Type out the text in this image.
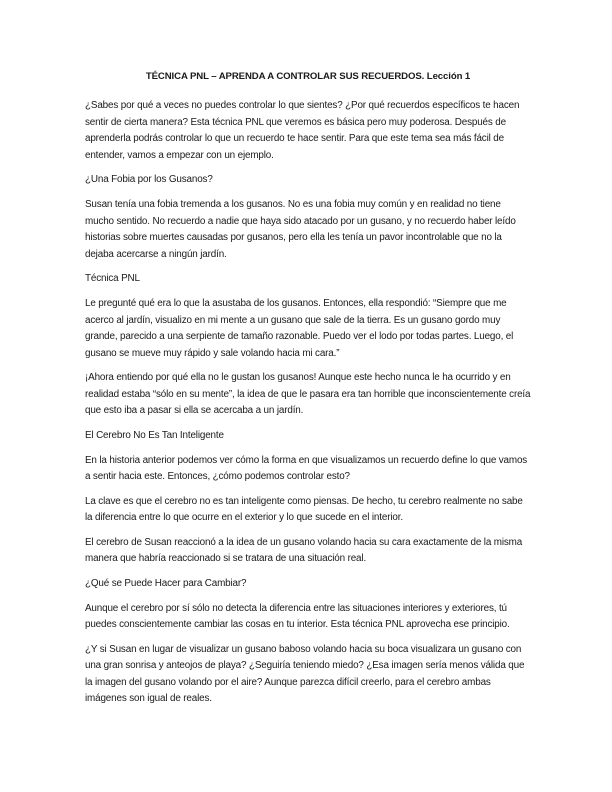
TÉCNICA PNL – APRENDA A CONTROLAR SUS RECUERDOS. Lección 1

¿Sabes por qué a veces no puedes controlar lo que sientes? ¿Por qué recuerdos específicos te hacen sentir de cierta manera? Esta técnica PNL que veremos es básica pero muy poderosa. Después de aprenderla podrás controlar lo que un recuerdo te hace sentir. Para que este tema sea más fácil de entender, vamos a empezar con un ejemplo.

¿Una Fobia por los Gusanos?

Susan tenía una fobia tremenda a los gusanos. No es una fobia muy común y en realidad no tiene mucho sentido. No recuerdo a nadie que haya sido atacado por un gusano, y no recuerdo haber leído historias sobre muertes causadas por gusanos, pero ella les tenía un pavor incontrolable que no la dejaba acercarse a ningún jardín.

Técnica PNL

Le pregunté qué era lo que la asustaba de los gusanos. Entonces, ella respondió: “Siempre que me acerco al jardín, visualizo en mi mente a un gusano que sale de la tierra. Es un gusano gordo muy grande, parecido a una serpiente de tamaño razonable. Puedo ver el lodo por todas partes. Luego, el gusano se mueve muy rápido y sale volando hacia mi cara.”

¡Ahora entiendo por qué ella no le gustan los gusanos! Aunque este hecho nunca le ha ocurrido y en realidad estaba “sólo en su mente”, la idea de que le pasara era tan horrible que inconscientemente creía que esto iba a pasar si ella se acercaba a un jardín.

El Cerebro No Es Tan Inteligente

En la historia anterior podemos ver cómo la forma en que visualizamos un recuerdo define lo que vamos a sentir hacia este. Entonces, ¿cómo podemos controlar esto?

La clave es que el cerebro no es tan inteligente como piensas. De hecho, tu cerebro realmente no sabe la diferencia entre lo que ocurre en el exterior y lo que sucede en el interior.

El cerebro de Susan reaccionó a la idea de un gusano volando hacia su cara exactamente de la misma manera que habría reaccionado si se tratara de una situación real.

¿Qué se Puede Hacer para Cambiar?

Aunque el cerebro por sí sólo no detecta la diferencia entre las situaciones interiores y exteriores, tú puedes conscientemente cambiar las cosas en tu interior. Esta técnica PNL aprovecha ese principio.

¿Y si Susan en lugar de visualizar un gusano baboso volando hacia su boca visualizara un gusano con una gran sonrisa y anteojos de playa? ¿Seguiría teniendo miedo? ¿Esa imagen sería menos válida que la imagen del gusano volando por el aire? Aunque parezca difícil creerlo, para el cerebro ambas imágenes son igual de reales.
